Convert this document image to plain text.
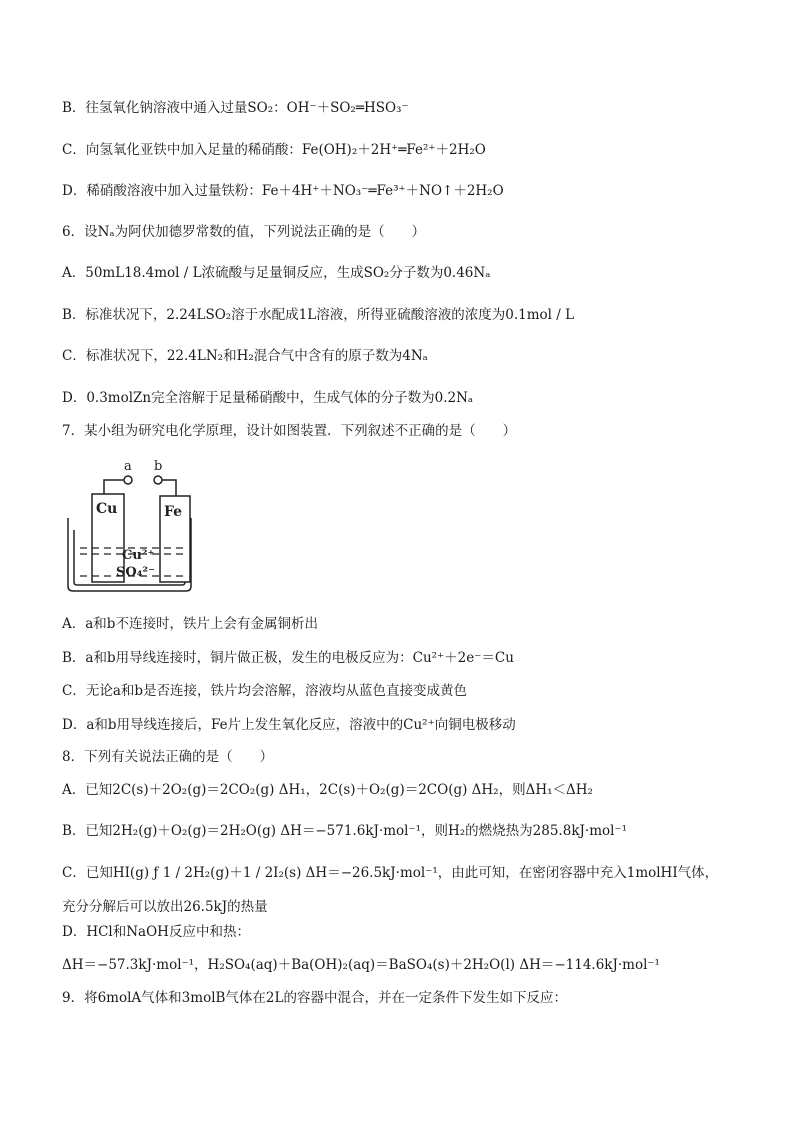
B．往氢氧化钠溶液中通入过量SO₂：OH⁻＋SO₂═HSO₃⁻
C．向氢氧化亚铁中加入足量的稀硝酸：Fe(OH)₂＋2H⁺═Fe²⁺＋2H₂O
D．稀硝酸溶液中加入过量铁粉：Fe＋4H⁺＋NO₃⁻═Fe³⁺＋NO↑＋2H₂O
6．设Nₐ为阿伏加德罗常数的值，下列说法正确的是（　　）
A．50mL18.4mol / L浓硫酸与足量铜反应，生成SO₂分子数为0.46Nₐ
B．标准状况下，2.24LSO₂溶于水配成1L溶液，所得亚硫酸溶液的浓度为0.1mol / L
C．标准状况下，22.4LN₂和H₂混合气中含有的原子数为4Nₐ
D．0.3molZn完全溶解于足量稀硝酸中，生成气体的分子数为0.2Nₐ
7．某小组为研究电化学原理，设计如图装置．下列叙述不正确的是（　　）
a b
Cu	Fe
Cu²⁺
SO₄²⁻
A．a和b不连接时，铁片上会有金属铜析出
B．a和b用导线连接时，铜片做正极，发生的电极反应为：Cu²⁺＋2e⁻＝Cu
C．无论a和b是否连接，铁片均会溶解，溶液均从蓝色直接变成黄色
D．a和b用导线连接后，Fe片上发生氧化反应，溶液中的Cu²⁺向铜电极移动
8．下列有关说法正确的是（　　）
A．已知2C(s)＋2O₂(g)＝2CO₂(g) ΔH₁，2C(s)＋O₂(g)＝2CO(g) ΔH₂，则ΔH₁＜ΔH₂
B．已知2H₂(g)＋O₂(g)＝2H₂O(g) ΔH＝−571.6kJ·mol⁻¹，则H₂的燃烧热为285.8kJ·mol⁻¹
C．已知HI(g) ƒ 1 / 2H₂(g)＋1 / 2I₂(s) ΔH＝−26.5kJ·mol⁻¹，由此可知，在密闭容器中充入1molHI气体，
充分分解后可以放出26.5kJ的热量
D．HCl和NaOH反应中和热：
ΔH＝−57.3kJ·mol⁻¹，H₂SO₄(aq)＋Ba(OH)₂(aq)＝BaSO₄(s)＋2H₂O(l) ΔH＝−114.6kJ·mol⁻¹
9．将6molA气体和3molB气体在2L的容器中混合，并在一定条件下发生如下反应：
